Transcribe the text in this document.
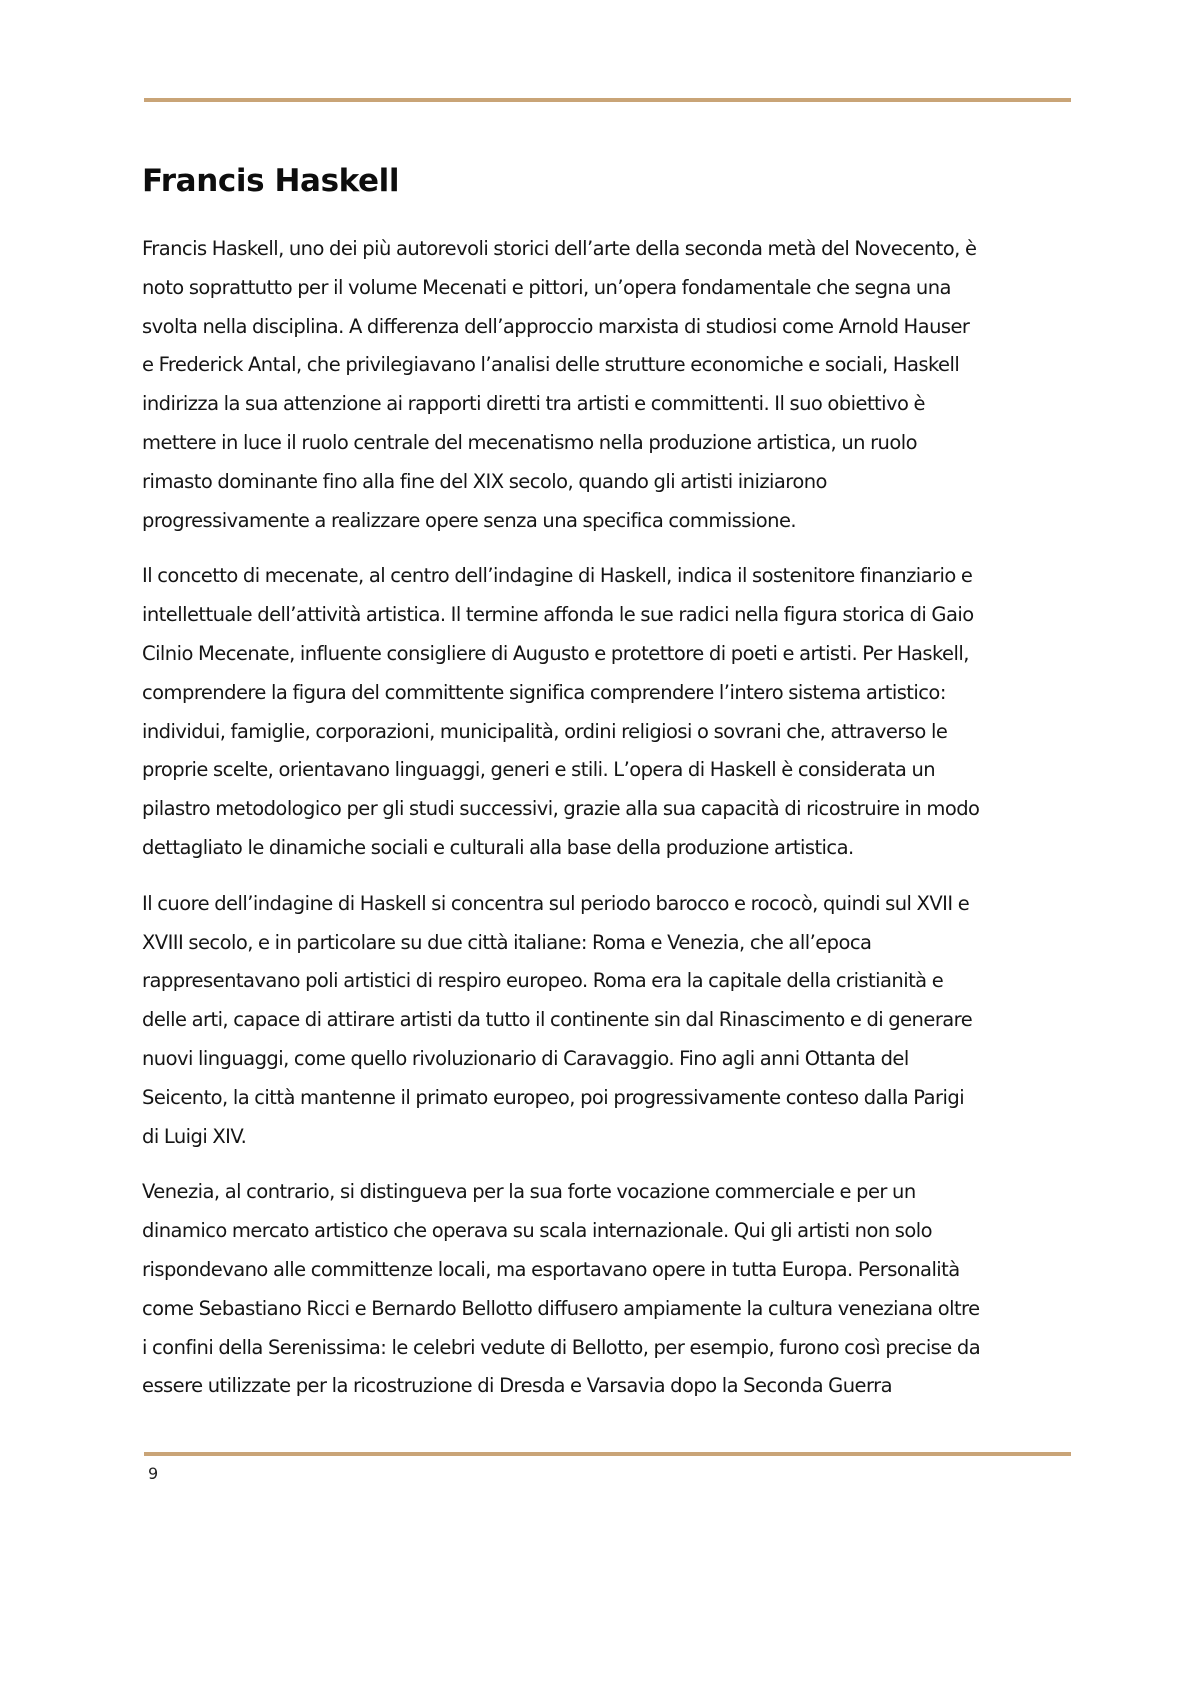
Francis Haskell

Francis Haskell, uno dei più autorevoli storici dell’arte della seconda metà del Novecento, è
noto soprattutto per il volume Mecenati e pittori, un’opera fondamentale che segna una
svolta nella disciplina. A differenza dell’approccio marxista di studiosi come Arnold Hauser
e Frederick Antal, che privilegiavano l’analisi delle strutture economiche e sociali, Haskell
indirizza la sua attenzione ai rapporti diretti tra artisti e committenti. Il suo obiettivo è
mettere in luce il ruolo centrale del mecenatismo nella produzione artistica, un ruolo
rimasto dominante fino alla fine del XIX secolo, quando gli artisti iniziarono
progressivamente a realizzare opere senza una specifica commissione.

Il concetto di mecenate, al centro dell’indagine di Haskell, indica il sostenitore finanziario e
intellettuale dell’attività artistica. Il termine affonda le sue radici nella figura storica di Gaio
Cilnio Mecenate, influente consigliere di Augusto e protettore di poeti e artisti. Per Haskell,
comprendere la figura del committente significa comprendere l’intero sistema artistico:
individui, famiglie, corporazioni, municipalità, ordini religiosi o sovrani che, attraverso le
proprie scelte, orientavano linguaggi, generi e stili. L’opera di Haskell è considerata un
pilastro metodologico per gli studi successivi, grazie alla sua capacità di ricostruire in modo
dettagliato le dinamiche sociali e culturali alla base della produzione artistica.

Il cuore dell’indagine di Haskell si concentra sul periodo barocco e rococò, quindi sul XVII e
XVIII secolo, e in particolare su due città italiane: Roma e Venezia, che all’epoca
rappresentavano poli artistici di respiro europeo. Roma era la capitale della cristianità e
delle arti, capace di attirare artisti da tutto il continente sin dal Rinascimento e di generare
nuovi linguaggi, come quello rivoluzionario di Caravaggio. Fino agli anni Ottanta del
Seicento, la città mantenne il primato europeo, poi progressivamente conteso dalla Parigi
di Luigi XIV.

Venezia, al contrario, si distingueva per la sua forte vocazione commerciale e per un
dinamico mercato artistico che operava su scala internazionale. Qui gli artisti non solo
rispondevano alle committenze locali, ma esportavano opere in tutta Europa. Personalità
come Sebastiano Ricci e Bernardo Bellotto diffusero ampiamente la cultura veneziana oltre
i confini della Serenissima: le celebri vedute di Bellotto, per esempio, furono così precise da
essere utilizzate per la ricostruzione di Dresda e Varsavia dopo la Seconda Guerra

9
